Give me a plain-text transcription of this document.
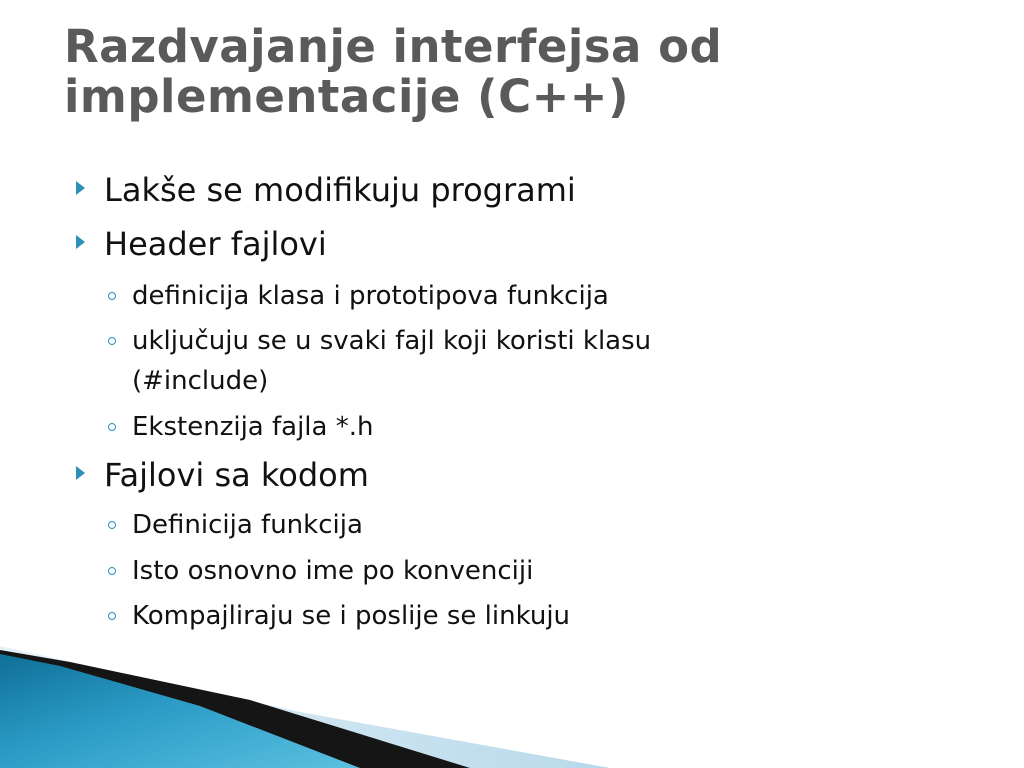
Razdvajanje interfejsa od
implementacije (C++)
Lakše se modifikuju programi
Header fajlovi
definicija klasa i prototipova funkcija
uključuju se u svaki fajl koji koristi klasu
(#include)
Ekstenzija fajla *.h
Fajlovi sa kodom
Definicija funkcija
Isto osnovno ime po konvenciji
Kompajliraju se i poslije se linkuju
